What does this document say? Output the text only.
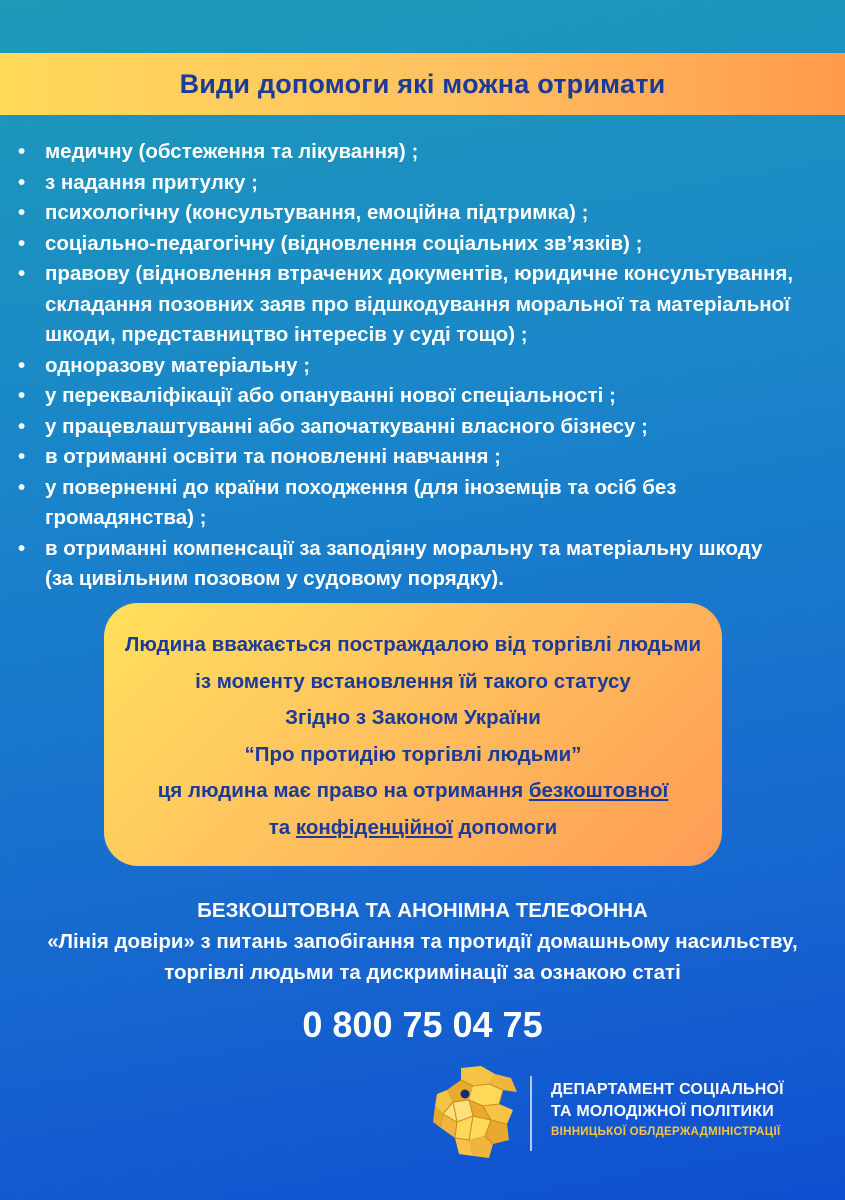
Види допомоги які можна отримати
• медичну (обстеження та лікування) ;
• з надання притулку ;
• психологічну (консультування, емоційна підтримка) ;
• соціально-педагогічну (відновлення соціальних зв’язків) ;
• правову (відновлення втрачених документів, юридичне консультування,
складання позовних заяв про відшкодування моральної та матеріальної
шкоди, представництво інтересів у суді тощо) ;
• одноразову матеріальну ;
• у перекваліфікації або опануванні нової спеціальності ;
• у працевлаштуванні або започаткуванні власного бізнесу ;
• в отриманні освіти та поновленні навчання ;
• у поверненні до країни походження (для іноземців та осіб без
громадянства) ;
• в отриманні компенсації за заподіяну моральну та матеріальну шкоду
(за цивільним позовом у судовому порядку).
Людина вважається постраждалою від торгівлі людьми
із моменту встановлення їй такого статусу
Згідно з Законом України
“Про протидію торгівлі людьми”
ця людина має право на отримання безкоштовної
та конфіденційної допомоги
БЕЗКОШТОВНА ТА АНОНІМНА ТЕЛЕФОННА
«Лінія довіри» з питань запобігання та протидії домашньому насильству,
торгівлі людьми та дискримінації за ознакою статі
0 800 75 04 75
ДЕПАРТАМЕНТ СОЦІАЛЬНОЇ
ТА МОЛОДІЖНОЇ ПОЛІТИКИ
ВІННИЦЬКОЇ ОБЛДЕРЖАДМІНІСТРАЦІЇ
